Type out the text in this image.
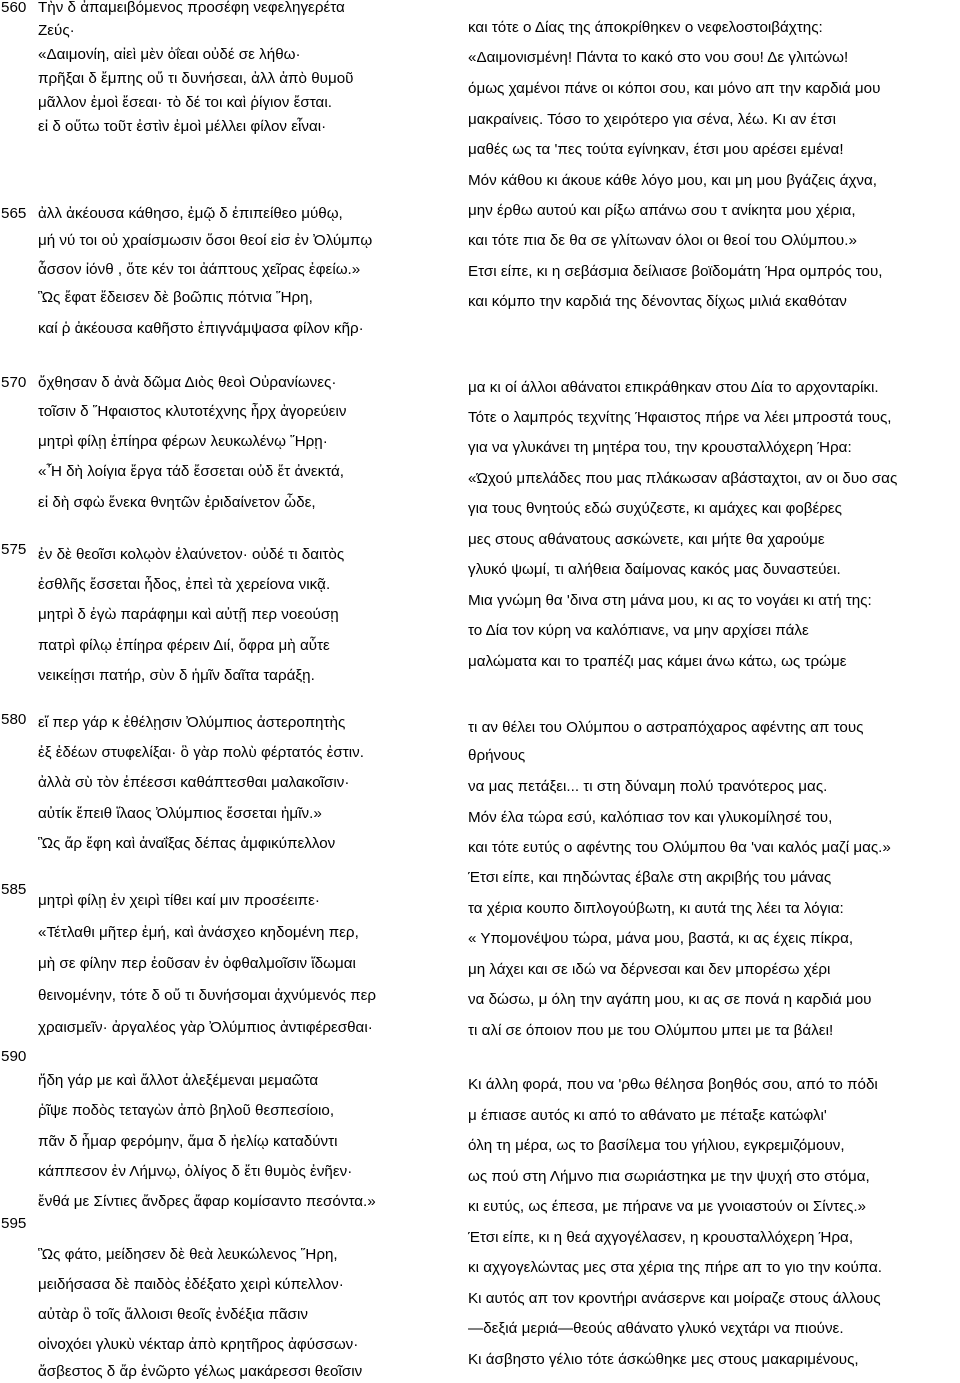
560
565
570
575
580
585
590
595
Τὴν δ ἀπαμειβόμενος προσέφη νεφεληγερέτα
Ζεύς·
«Δαιμονίη, αἰεὶ μὲν ὀΐεαι οὐδέ σε λήθω·
πρῆξαι δ ἔμπης οὔ τι δυνήσεαι, ἀλλ ἀπὸ θυμοῦ
μᾶλλον ἐμοὶ ἔσεαι· τὸ δέ τοι καὶ ῥίγιον ἔσται.
εἰ δ οὕτω τοῦτ ἐστὶν ἐμοὶ μέλλει φίλον εἶναι·
ἀλλ ἀκέουσα κάθησο, ἐμῷ δ ἐπιπείθεο μύθῳ,
μή νύ τοι οὐ χραίσμωσιν ὅσοι θεοί εἰσ ἐν Ὀλύμπῳ
ἆσσον ἰόνθ , ὅτε κέν τοι ἀάπτους χεῖρας ἐφείω.»
Ὣς ἔφατ ἔδεισεν δὲ βοῶπις πότνια Ἥρη,
καί ῥ ἀκέουσα καθῆστο ἐπιγνάμψασα φίλον κῆρ·
και τότε ο Δίας της άποκρίθηκεν ο νεφελοστοιβάχτης:
«Δαιμονισμένη! Πάντα το κακό στο νου σου! Δε γλιτώνω!
όμως χαμένοι πάνε οι κόποι σου, και μόνο απ την καρδιά μου
μακραίνεις. Τόσο το χειρότερο για σένα, λέω. Κι αν έτσι
μαθές ως τα 'πες τούτα εγίνηκαν, έτσι μου αρέσει εμένα!
Μόν κάθου κι άκουε κάθε λόγο μου, και μη μου βγάζεις άχνα,
μην έρθω αυτού και ρίξω απάνω σου τ ανίκητα μου χέρια,
και τότε πια δε θα σε γλίτωναν όλοι οι θεοί του Ολύμπου.»
Ετσι είπε, κι η σεβάσμια δείλιασε βοϊδομάτη Ήρα ομπρός του,
και κόμπο την καρδιά της δένοντας δίχως μιλιά εκαθόταν
ὄχθησαν δ ἀνὰ δῶμα Διὸς θεοὶ Οὐρανίωνες·
τοῖσιν δ Ἥφαιστος κλυτοτέχνης ἦρχ ἀγορεύειν
μητρὶ φίλῃ ἐπίηρα φέρων λευκωλένῳ Ἥρῃ·
«Ἦ δὴ λοίγια ἔργα τάδ ἔσσεται οὐδ ἔτ ἀνεκτά,
εἰ δὴ σφὼ ἕνεκα θνητῶν ἐριδαίνετον ὧδε,
ἐν δὲ θεοῖσι κολῳὸν ἐλαύνετον· οὐδέ τι δαιτὸς
ἐσθλῆς ἔσσεται ἦδος, ἐπεὶ τὰ χερείονα νικᾷ.
μητρὶ δ ἐγὼ παράφημι καὶ αὐτῇ περ νοεούσῃ
πατρὶ φίλῳ ἐπίηρα φέρειν Διί, ὄφρα μὴ αὖτε
νεικείῃσι πατήρ, σὺν δ ἡμῖν δαῖτα ταράξῃ.
μα κι οί άλλοι αθάνατοι επικράθηκαν στου Δία το αρχονταρίκι.
Τότε ο λαμπρός τεχνίτης Ήφαιστος πήρε να λέει μπροστά τους,
για να γλυκάνει τη μητέρα του, την κρουσταλλόχερη Ήρα:
«Ώχού μπελάδες που μας πλάκωσαν αβάσταχτοι, αν οι δυο σας
για τους θνητούς εδώ συχύζεστε, κι αμάχες και φοβέρες
μες στους αθάνατους ασκώνετε, και μήτε θα χαρούμε
γλυκό ψωμί, τι αλήθεια δαίμονας κακός μας δυναστεύει.
Μια γνώμη θα 'δινα στη μάνα μου, κι ας το νογάει κι ατή της:
το Δία τον κύρη να καλόπιανε, να μην αρχίσει πάλε
μαλώματα και το τραπέζι μας κάμει άνω κάτω, ως τρώμε
εἴ περ γάρ κ ἐθέλῃσιν Ὀλύμπιος ἀστεροπητὴς
ἐξ ἑδέων στυφελίξαι· ὃ γὰρ πολὺ φέρτατός ἐστιν.
ἀλλὰ σὺ τὸν ἐπέεσσι καθάπτεσθαι μαλακοῖσιν·
αὐτίκ ἔπειθ ἵλαος Ὀλύμπιος ἔσσεται ἡμῖν.»
Ὣς ἄρ ἔφη καὶ ἀναΐξας δέπας ἀμφικύπελλον
μητρὶ φίλῃ ἐν χειρὶ τίθει καί μιν προσέειπε·
«Τέτλαθι μῆτερ ἐμή, καὶ ἀνάσχεο κηδομένη περ,
μὴ σε φίλην περ ἐοῦσαν ἐν ὀφθαλμοῖσιν ἴδωμαι
θεινομένην, τότε δ οὔ τι δυνήσομαι ἀχνύμενός περ
χραισμεῖν· ἀργαλέος γὰρ Ὀλύμπιος ἀντιφέρεσθαι·
τι αν θέλει του Ολύμπου ο αστραπόχαρος αφέντης απ τους
θρήνους
να μας πετάξει... τι στη δύναμη πολύ τρανότερος μας.
Μόν έλα τώρα εσύ, καλόπιασ τον και γλυκομίλησέ του,
και τότε ευτύς ο αφέντης του Ολύμπου θα 'ναι καλός μαζί μας.»
Έτσι είπε, και πηδώντας έβαλε στη ακριβής του μάνας
τα χέρια κουπο διπλογούβωτη, κι αυτά της λέει τα λόγια:
« Υπομονέψου τώρα, μάνα μου, βαστά, κι ας έχεις πίκρα,
μη λάχει και σε ιδώ να δέρνεσαι και δεν μπορέσω χέρι
να δώσω, μ όλη την αγάπη μου, κι ας σε πονά η καρδιά μου
τι αλί σε όποιον που με του Ολύμπου μπει με τα βάλει!
ἤδη γάρ με καὶ ἄλλοτ ἀλεξέμεναι μεμαῶτα
ῥῖψε ποδὸς τεταγὼν ἀπὸ βηλοῦ θεσπεσίοιο,
πᾶν δ ἦμαρ φερόμην, ἅμα δ ἠελίῳ καταδύντι
κάππεσον ἐν Λήμνῳ, ὀλίγος δ ἔτι θυμὸς ἐνῆεν·
ἔνθά με Σίντιες ἄνδρες ἄφαρ κομίσαντο πεσόντα.»
Ὣς φάτο, μείδησεν δὲ θεὰ λευκώλενος Ἥρη,
μειδήσασα δὲ παιδὸς ἐδέξατο χειρὶ κύπελλον·
αὐτὰρ ὃ τοῖς ἄλλοισι θεοῖς ἐνδέξια πᾶσιν
οἰνοχόει γλυκὺ νέκταρ ἀπὸ κρητῆρος ἀφύσσων·
ἄσβεστος δ ἄρ ἐνῶρτο γέλως μακάρεσσι θεοῖσιν
Κι άλλη φορά, που να 'ρθω θέλησα βοηθός σου, από το πόδι
μ έπιασε αυτός κι από το αθάνατο με πέταξε κατώφλι'
όλη τη μέρα, ως το βασίλεμα του γήλιου, εγκρεμιζόμουν,
ως πού στη Λήμνο πια σωριάστηκα με την ψυχή στο στόμα,
κι ευτύς, ως έπεσα, με πήρανε να με γνοιαστούν οι Σίντες.»
Έτσι είπε, κι η θεά αχγογέλασεν, η κρουσταλλόχερη Ήρα,
κι αχγογελώντας μες στα χέρια της πήρε απ το γιο την κούπα.
Κι αυτός απ τον κροντήρι ανάσερνε και μοίραζε στους άλλους
―δεξιά μεριά―θεούς αθάνατο γλυκό νεχτάρι να πιούνε.
Κι άσβηστο γέλιο τότε άσκώθηκε μες στους μακαριμένους,
